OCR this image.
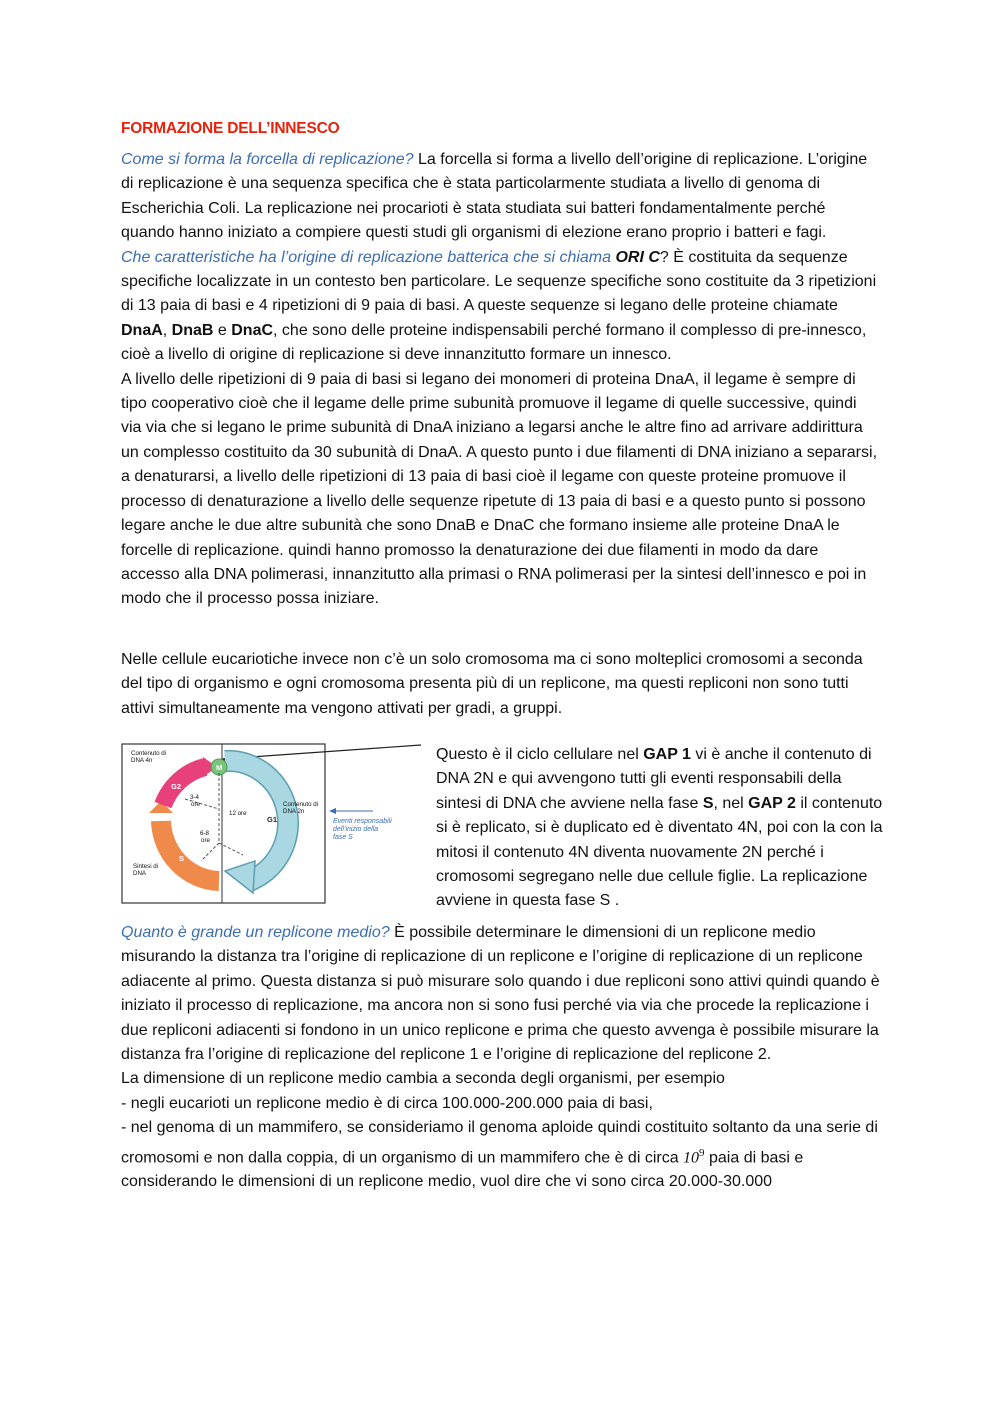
FORMAZIONE DELL’INNESCO

Come si forma la forcella di replicazione? La forcella si forma a livello dell’origine di replicazione. L’origine di replicazione è una sequenza specifica che è stata particolarmente studiata a livello di genoma di Escherichia Coli. La replicazione nei procarioti è stata studiata sui batteri fondamentalmente perché quando hanno iniziato a compiere questi studi gli organismi di elezione erano proprio i batteri e fagi.

Che caratteristiche ha l’origine di replicazione batterica che si chiama ORI C? È costituita da sequenze specifiche localizzate in un contesto ben particolare. Le sequenze specifiche sono costituite da 3 ripetizioni di 13 paia di basi e 4 ripetizioni di 9 paia di basi. A queste sequenze si legano delle proteine chiamate DnaA, DnaB e DnaC, che sono delle proteine indispensabili perché formano il complesso di pre-innesco, cioè a livello di origine di replicazione si deve innanzitutto formare un innesco.

A livello delle ripetizioni di 9 paia di basi si legano dei monomeri di proteina DnaA, il legame è sempre di tipo cooperativo cioè che il legame delle prime subunità promuove il legame di quelle successive, quindi via via che si legano le prime subunità di DnaA iniziano a legarsi anche le altre fino ad arrivare addirittura un complesso costituito da 30 subunità di DnaA. A questo punto i due filamenti di DNA iniziano a separarsi, a denaturarsi, a livello delle ripetizioni di 13 paia di basi cioè il legame con queste proteine promuove il processo di denaturazione a livello delle sequenze ripetute di 13 paia di basi e a questo punto si possono legare anche le due altre subunità che sono DnaB e DnaC che formano insieme alle proteine DnaA le forcelle di replicazione. quindi hanno promosso la denaturazione dei due filamenti in modo da dare accesso alla DNA polimerasi, innanzitutto alla primasi o RNA polimerasi per la sintesi dell’innesco e poi in modo che il processo possa iniziare.

Nelle cellule eucariotiche invece non c’è un solo cromosoma ma ci sono molteplici cromosomi a seconda del tipo di organismo e ogni cromosoma presenta più di un replicone, ma questi repliconi non sono tutti attivi simultaneamente ma vengono attivati per gradi, a gruppi.

Contenuto di
DNA 4n
Contenuto di
DNA 2n
Sintesi di
DNA
3-4
ore
12 ore
6-8
ore
M
G2
S
G1	Eventi responsabili
dell’inizio della
fase S
Questo è il ciclo cellulare nel GAP 1 vi è anche il contenuto di DNA 2N e qui avvengono tutti gli eventi responsabili della sintesi di DNA che avviene nella fase S, nel GAP 2 il contenuto si è replicato, si è duplicato ed è diventato 4N, poi con la con la mitosi il contenuto 4N diventa nuovamente 2N perché i cromosomi segregano nelle due cellule figlie. La replicazione avviene in questa fase S .

Quanto è grande un replicone medio? È possibile determinare le dimensioni di un replicone medio misurando la distanza tra l’origine di replicazione di un replicone e l’origine di replicazione di un replicone adiacente al primo. Questa distanza si può misurare solo quando i due repliconi sono attivi quindi quando è iniziato il processo di replicazione, ma ancora non si sono fusi perché via via che procede la replicazione i due repliconi adiacenti si fondono in un unico replicone e prima che questo avvenga è possibile misurare la distanza fra l’origine di replicazione del replicone 1 e l’origine di replicazione del replicone 2.

La dimensione di un replicone medio cambia a seconda degli organismi, per esempio

- negli eucarioti un replicone medio è di circa 100.000-200.000 paia di basi,

- nel genoma di un mammifero, se consideriamo il genoma aploide quindi costituito soltanto da una serie di cromosomi e non dalla coppia, di un organismo di un mammifero che è di circa $10^9$ paia di basi e considerando le dimensioni di un replicone medio, vuol dire che vi sono circa 20.000-30.000
